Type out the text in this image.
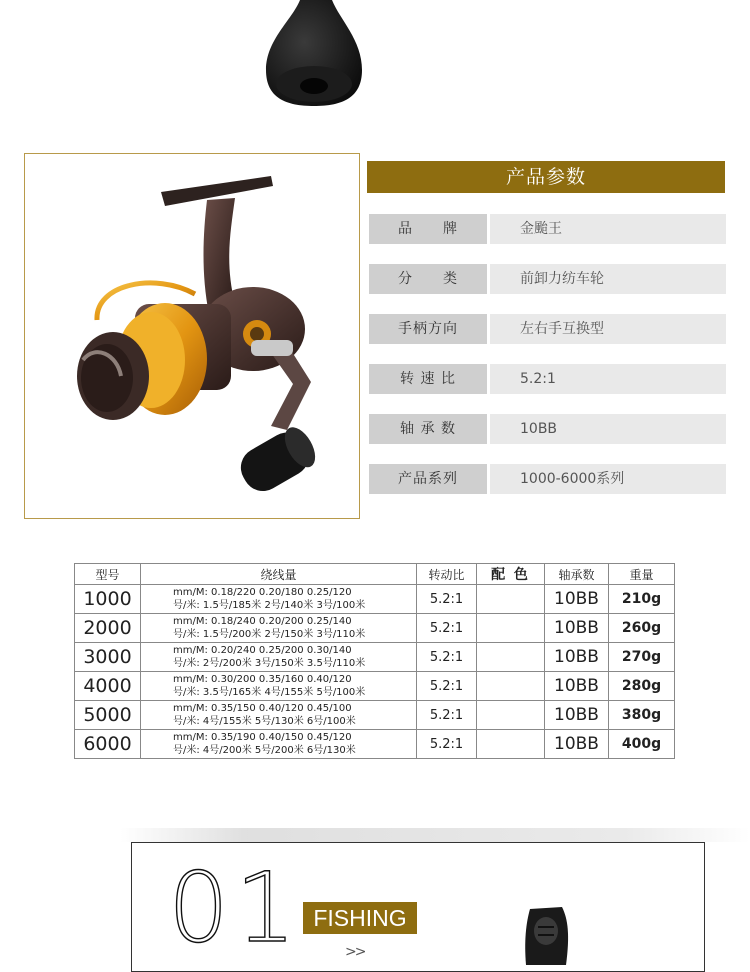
产品参数
品　　牌	金颱王
分　　类	前卸力纺车轮
手柄方向	左右手互换型
转 速 比	5.2:1
轴 承 数	10BB
产品系列	1000-6000系列
型号	绕线量	转动比	配 色	轴承数	重量
1000	mm/M: 0.18/220 0.20/180 0.25/120
号/米: 1.5号/185米 2号/140米 3号/100米	5.2:1		10BB	210g
2000	mm/M: 0.18/240 0.20/200 0.25/140
号/米: 1.5号/200米 2号/150米 3号/110米	5.2:1		10BB	260g
3000	mm/M: 0.20/240 0.25/200 0.30/140
号/米: 2号/200米 3号/150米 3.5号/110米	5.2:1		10BB	270g
4000	mm/M: 0.30/200 0.35/160 0.40/120
号/米: 3.5号/165米 4号/155米 5号/100米	5.2:1		10BB	280g
5000	mm/M: 0.35/150 0.40/120 0.45/100
号/米: 4号/155米 5号/130米 6号/100米	5.2:1		10BB	380g
6000	mm/M: 0.35/190 0.40/150 0.45/120
号/米: 4号/200米 5号/200米 6号/130米	5.2:1		10BB	400g
01 FISHING
>>
